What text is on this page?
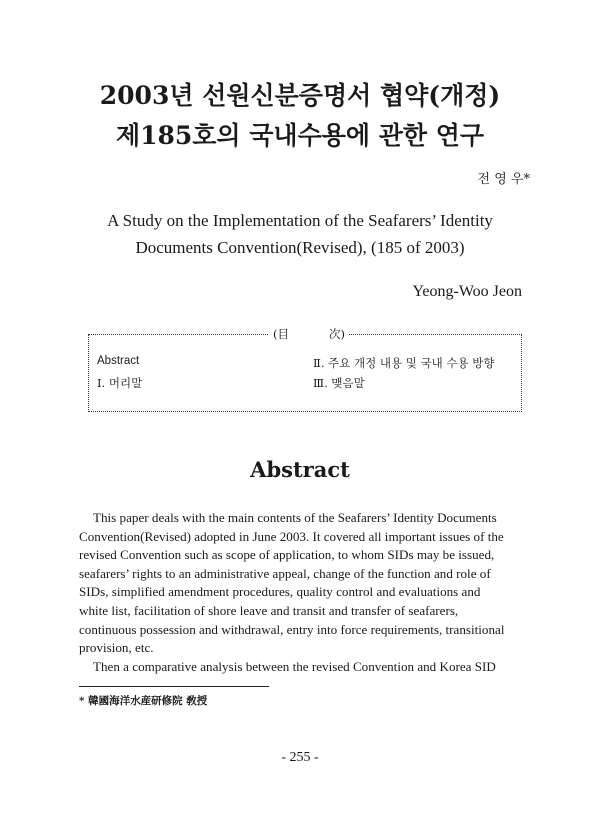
2003년 선원신분증명서 협약(개정)
제185호의 국내수용에 관한 연구
전 영 우*
A Study on the Implementation of the Seafarers’ Identity
Documents Convention(Revised), (185 of 2003)
Yeong-Woo Jeon
(目	次)
Abstract
Ⅰ. 머리말
Ⅱ. 주요 개정 내용 및 국내 수용 방향
Ⅲ. 맺음말
Abstract
This paper deals with the main contents of the Seafarers’ Identity Documents
Convention(Revised) adopted in June 2003. It covered all important issues of the
revised Convention such as scope of application, to whom SIDs may be issued,
seafarers’ rights to an administrative appeal, change of the function and role of
SIDs, simplified amendment procedures, quality control and evaluations and
white list, facilitation of shore leave and transit and transfer of seafarers,
continuous possession and withdrawal, entry into force requirements, transitional
provision, etc.
Then a comparative analysis between the revised Convention and Korea SID
* 韓國海洋水産研修院 敎授
- 255 -
